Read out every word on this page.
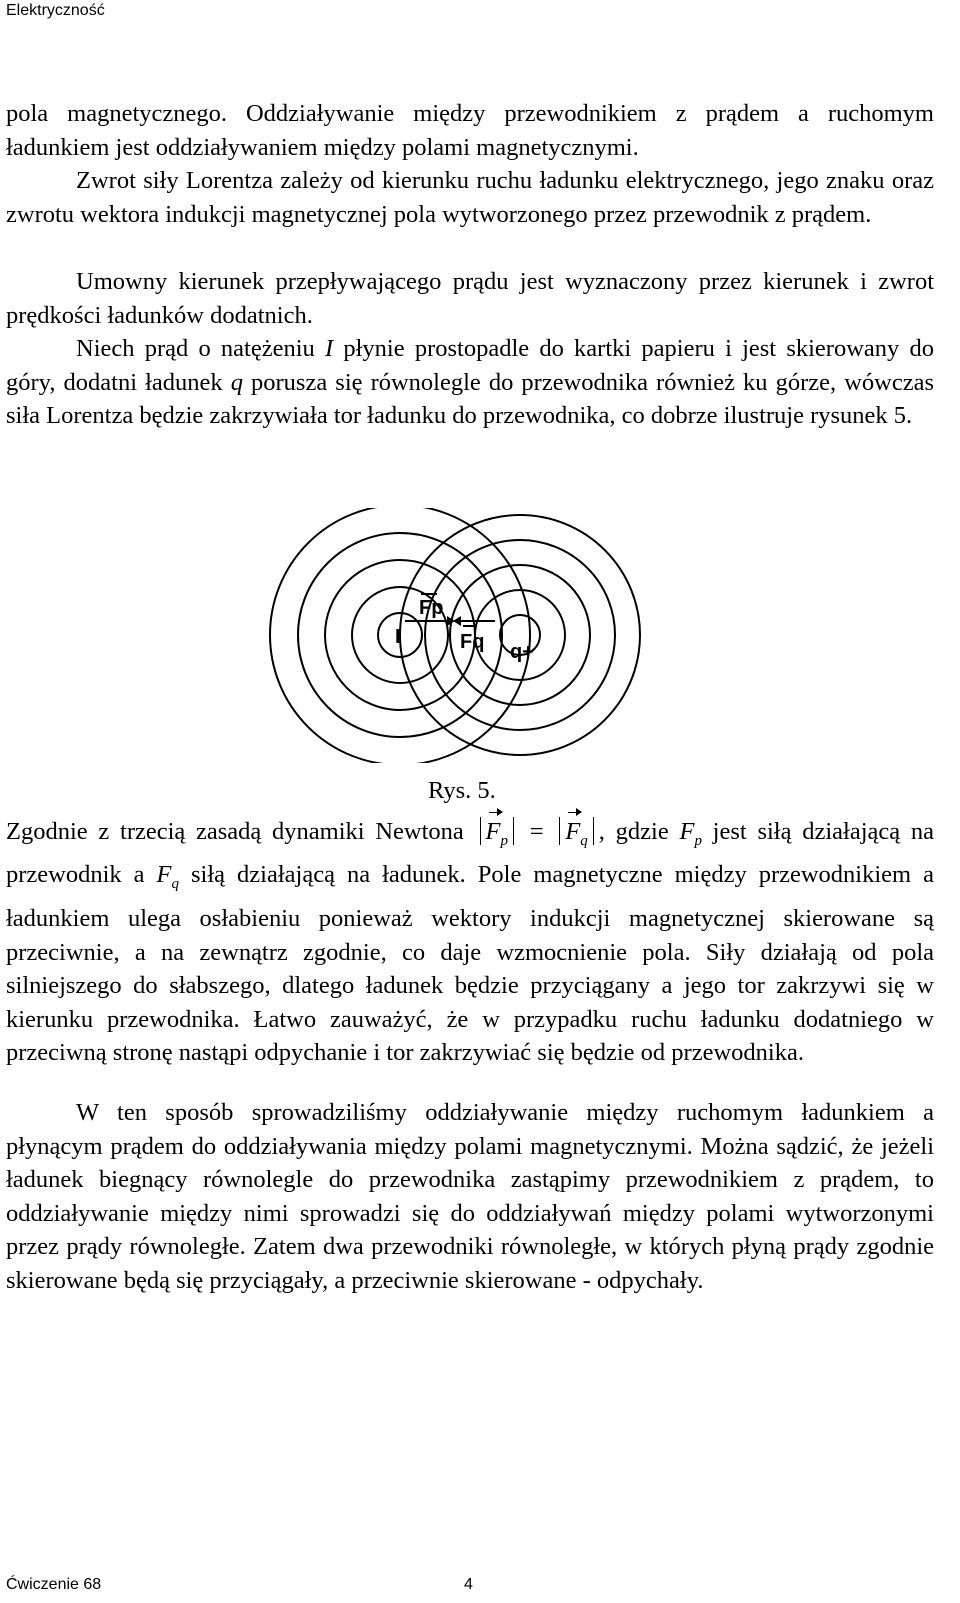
Elektryczność

pola magnetycznego. Oddziaływanie między przewodnikiem z prądem a ruchomym ładunkiem jest oddziaływaniem między polami magnetycznymi.

Zwrot siły Lorentza zależy od kierunku ruchu ładunku elektrycznego, jego znaku oraz zwrotu wektora indukcji magnetycznej pola wytworzonego przez przewodnik z prądem.

Umowny kierunek przepływającego prądu jest wyznaczony przez kierunek i zwrot prędkości ładunków dodatnich.

Niech prąd o natężeniu I płynie prostopadle do kartki papieru i jest skierowany do góry, dodatni ładunek q porusza się równolegle do przewodnika również ku górze, wówczas siła Lorentza będzie zakrzywiała tor ładunku do przewodnika, co dobrze ilustruje rysunek 5.

I
Fp
Fq q+
Rys. 5.

Zgodnie z trzecią zasadą dynamiki Newtona $F_p = F_q$ , gdzie $F_p$ jest siłą działającą na przewodnik a $F_q$ siłą działającą na ładunek. Pole magnetyczne między przewodnikiem a ładunkiem ulega osłabieniu ponieważ wektory indukcji magnetycznej skierowane są przeciwnie, a na zewnątrz zgodnie, co daje wzmocnienie pola. Siły działają od pola silniejszego do słabszego, dlatego ładunek będzie przyciągany a jego tor zakrzywi się w kierunku przewodnika. Łatwo zauważyć, że w przypadku ruchu ładunku dodatniego w przeciwną stronę nastąpi odpychanie i tor zakrzywiać się będzie od przewodnika.

W ten sposób sprowadziliśmy oddziaływanie między ruchomym ładunkiem a płynącym prądem do oddziaływania między polami magnetycznymi. Można sądzić, że jeżeli ładunek biegnący równolegle do przewodnika zastąpimy przewodnikiem z prądem, to oddziaływanie między nimi sprowadzi się do oddziaływań między polami wytworzonymi przez prądy równoległe. Zatem dwa przewodniki równoległe, w których płyną prądy zgodnie skierowane będą się przyciągały, a przeciwnie skierowane - odpychały.

Ćwiczenie 68	4
